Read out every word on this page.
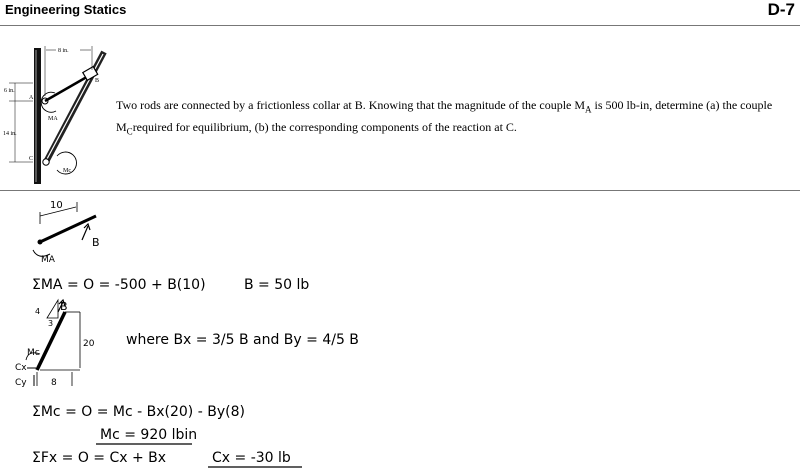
Engineering Statics	D-7
8 in.
6 in.
14 in.
A
B
C
MA
Mc
Two rods are connected by a frictionless collar at B. Knowing that the magnitude of the couple $M_A$ is 500 lb-in, determine (a) the couple $M_Crequired$ for equilibrium, (b) the corresponding components of the reaction at C.
10
B
MA
ΣMA = O = -500 + B(10)	B = 50 lb
8
20
4
3
B
Mc
Cx
Cy
where Bx = 3/5 B and By = 4/5 B
ΣMc = O = Mc - Bx(20) - By(8)
Mc = 920 lbin
ΣFx = O = Cx + Bx	Cx = -30 lb
